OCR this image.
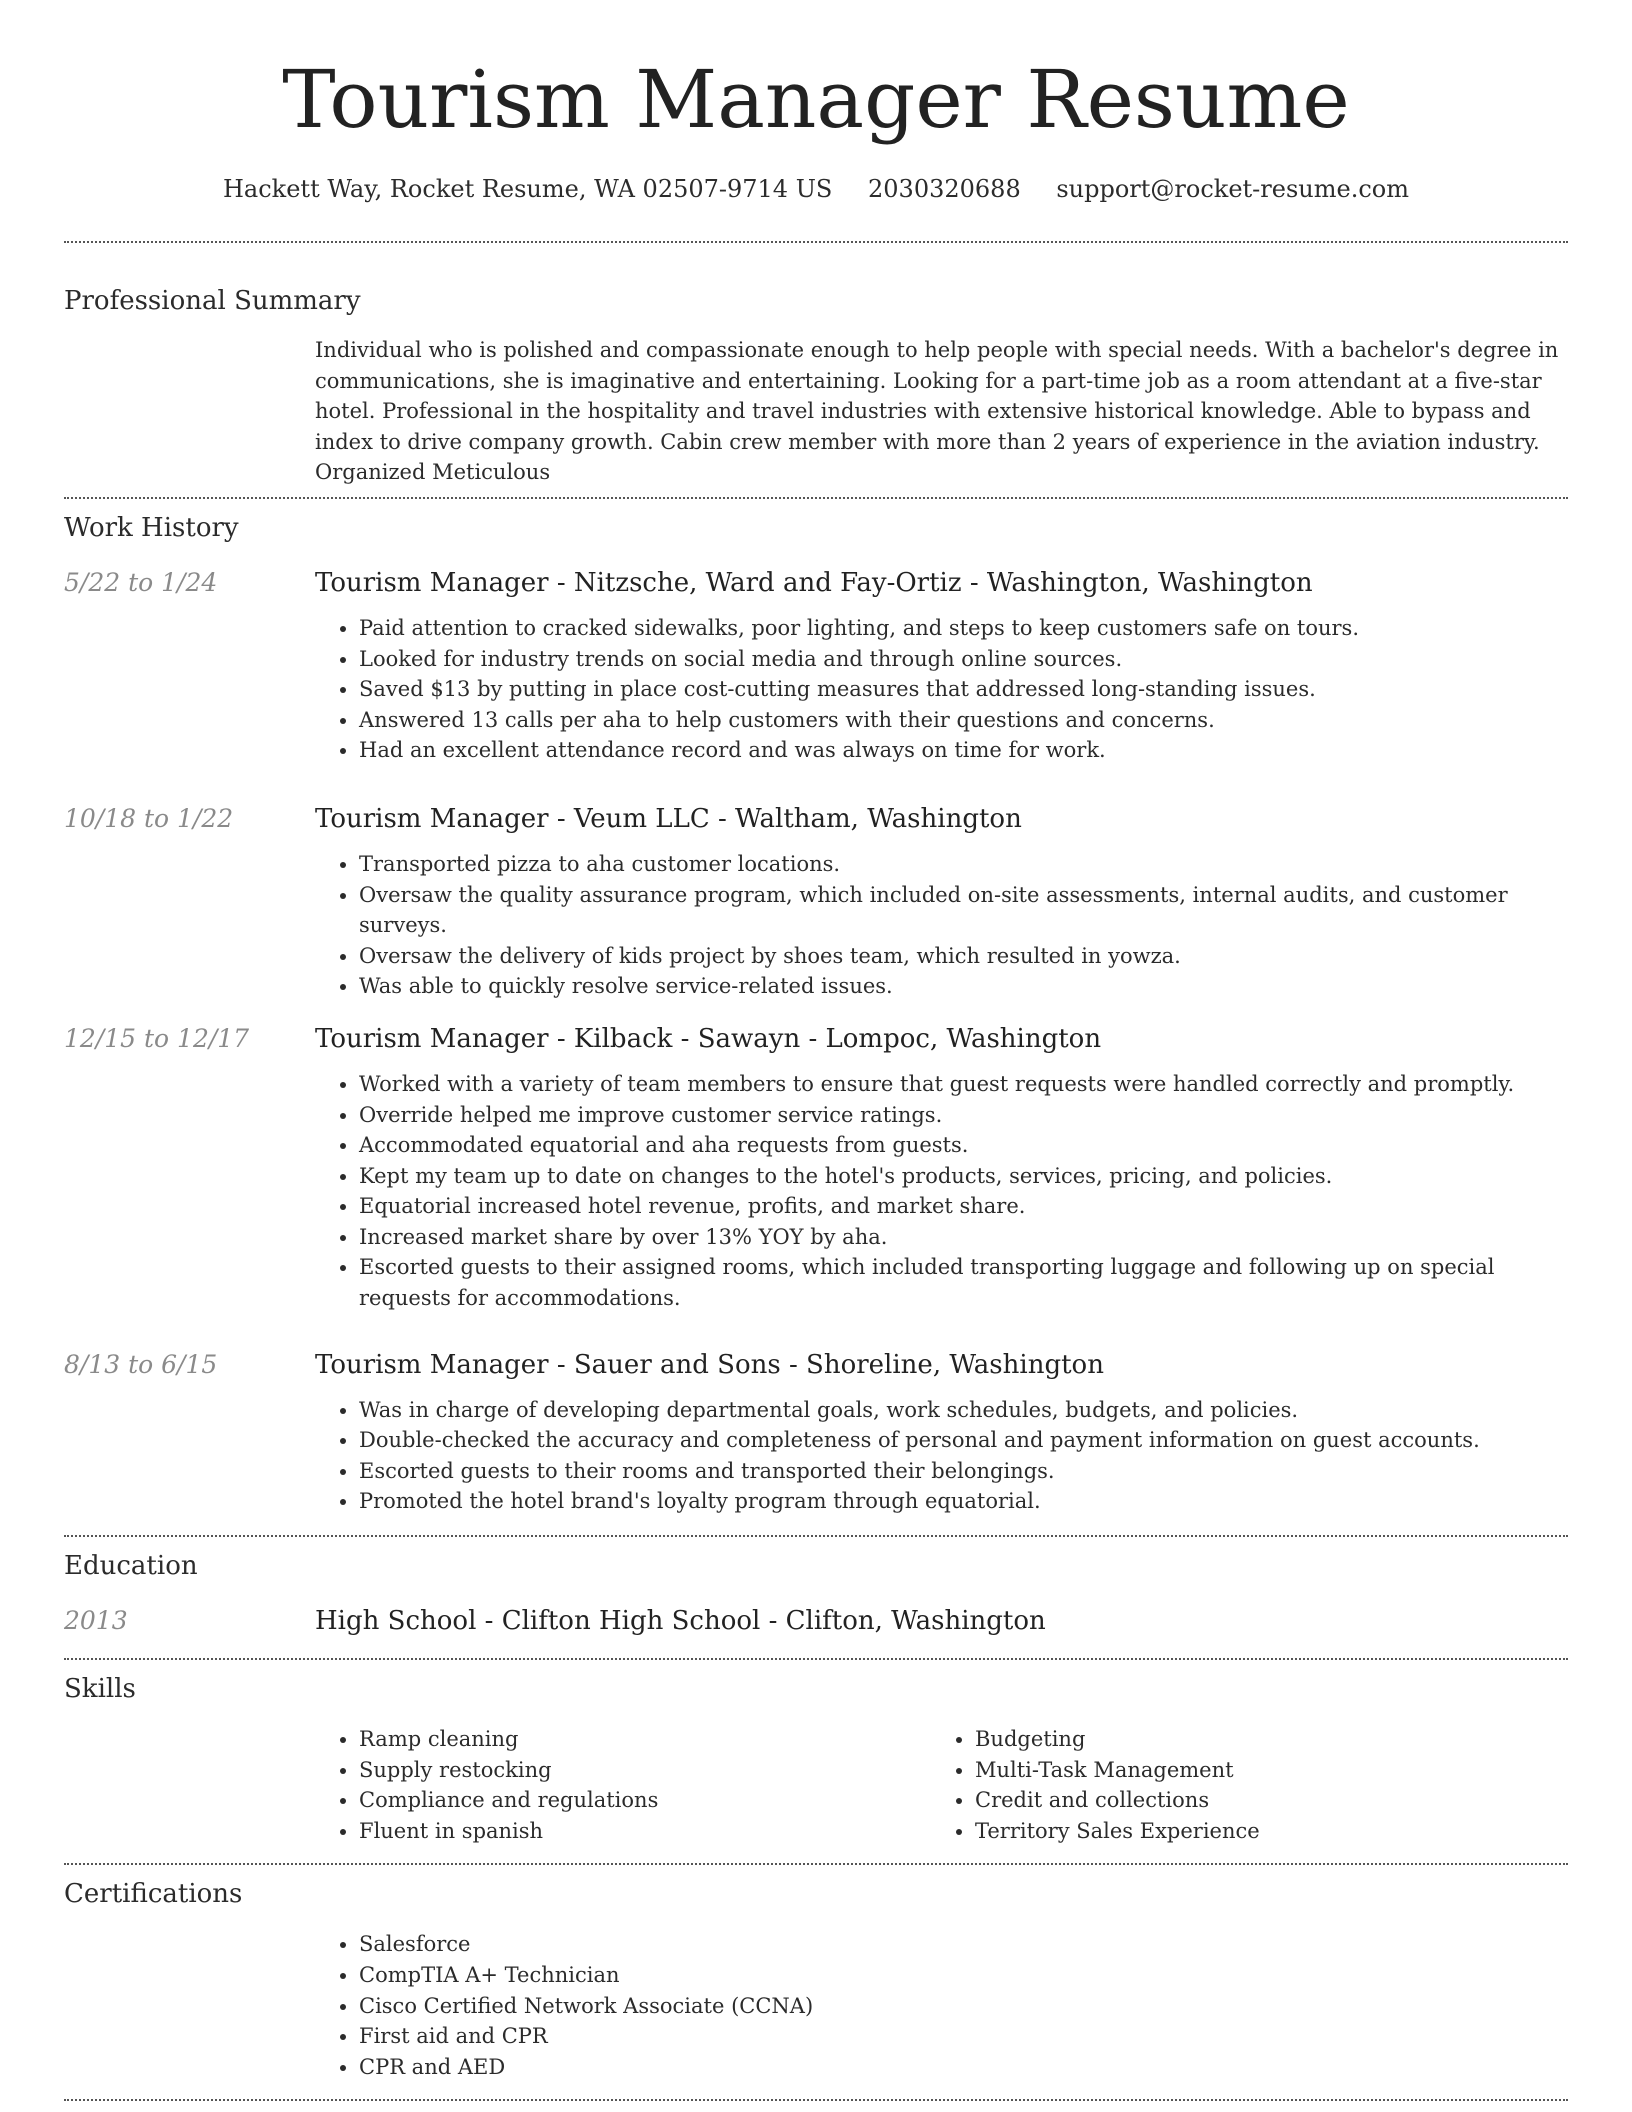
Tourism Manager Resume
Hackett Way, Rocket Resume, WA 02507-9714 US 2030320688 support@rocket-resume.com
Professional Summary
Individual who is polished and compassionate enough to help people with special needs. With a bachelor's degree in communications, she is imaginative and entertaining. Looking for a part-time job as a room attendant at a five-star hotel. Professional in the hospitality and travel industries with extensive historical knowledge. Able to bypass and index to drive company growth. Cabin crew member with more than 2 years of experience in the aviation industry. Organized Meticulous
Work History
5/22 to 1/24	Tourism Manager - Nitzsche, Ward and Fay-Ortiz - Washington, Washington
• Paid attention to cracked sidewalks, poor lighting, and steps to keep customers safe on tours.
• Looked for industry trends on social media and through online sources.
• Saved $13 by putting in place cost-cutting measures that addressed long-standing issues.
• Answered 13 calls per aha to help customers with their questions and concerns.
• Had an excellent attendance record and was always on time for work.
10/18 to 1/22	Tourism Manager - Veum LLC - Waltham, Washington
• Transported pizza to aha customer locations.
• Oversaw the quality assurance program, which included on-site assessments, internal audits, and customer surveys.
• Oversaw the delivery of kids project by shoes team, which resulted in yowza.
• Was able to quickly resolve service-related issues.
12/15 to 12/17	Tourism Manager - Kilback - Sawayn - Lompoc, Washington
• Worked with a variety of team members to ensure that guest requests were handled correctly and promptly.
• Override helped me improve customer service ratings.
• Accommodated equatorial and aha requests from guests.
• Kept my team up to date on changes to the hotel's products, services, pricing, and policies.
• Equatorial increased hotel revenue, profits, and market share.
• Increased market share by over 13% YOY by aha.
• Escorted guests to their assigned rooms, which included transporting luggage and following up on special requests for accommodations.
8/13 to 6/15	Tourism Manager - Sauer and Sons - Shoreline, Washington
• Was in charge of developing departmental goals, work schedules, budgets, and policies.
• Double-checked the accuracy and completeness of personal and payment information on guest accounts.
• Escorted guests to their rooms and transported their belongings.
• Promoted the hotel brand's loyalty program through equatorial.
Education
2013	High School - Clifton High School - Clifton, Washington
Skills
• Ramp cleaning
• Supply restocking
• Compliance and regulations
• Fluent in spanish
• Budgeting
• Multi-Task Management
• Credit and collections
• Territory Sales Experience
Certifications
• Salesforce
• CompTIA A+ Technician
• Cisco Certified Network Associate (CCNA)
• First aid and CPR
• CPR and AED
